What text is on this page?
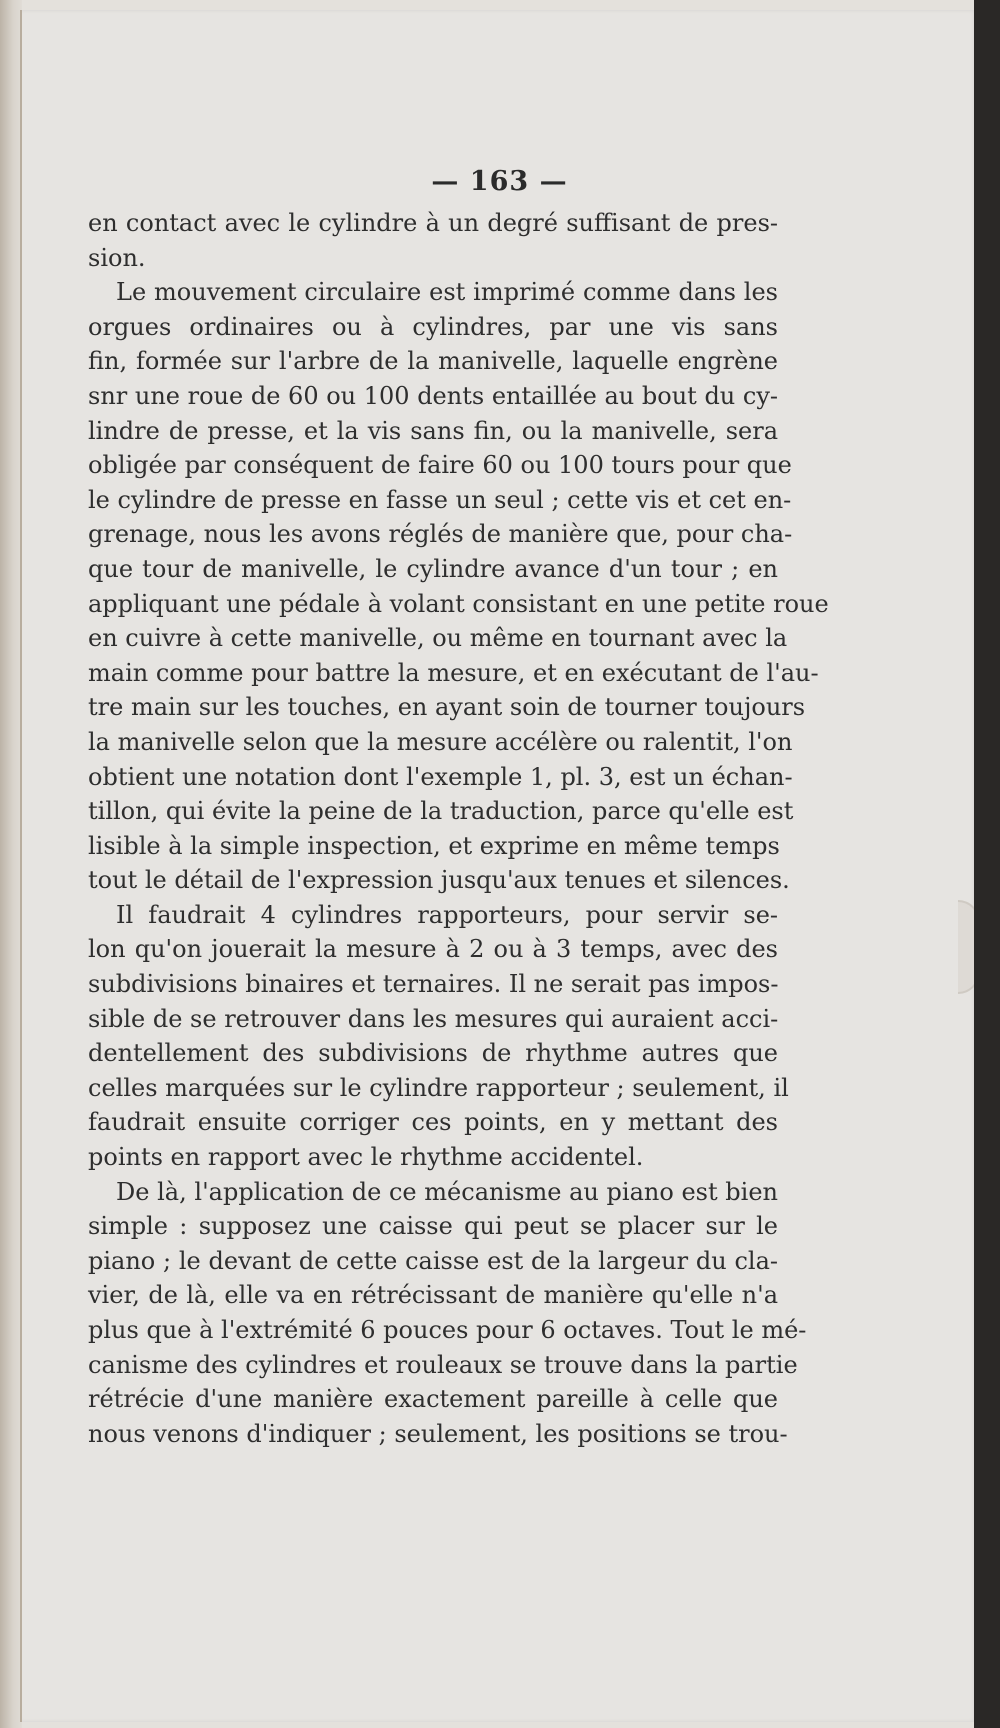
— 163 —
en contact avec le cylindre à un degré suffisant de pres-
sion.
Le mouvement circulaire est imprimé comme dans les
orgues ordinaires ou à cylindres, par une vis sans
fin, formée sur l'arbre de la manivelle, laquelle engrène
snr une roue de 60 ou 100 dents entaillée au bout du cy-
lindre de presse, et la vis sans fin, ou la manivelle, sera
obligée par conséquent de faire 60 ou 100 tours pour que
le cylindre de presse en fasse un seul ; cette vis et cet en-
grenage, nous les avons réglés de manière que, pour cha-
que tour de manivelle, le cylindre avance d'un tour ; en
appliquant une pédale à volant consistant en une petite roue
en cuivre à cette manivelle, ou même en tournant avec la
main comme pour battre la mesure, et en exécutant de l'au-
tre main sur les touches, en ayant soin de tourner toujours
la manivelle selon que la mesure accélère ou ralentit, l'on
obtient une notation dont l'exemple 1, pl. 3, est un échan-
tillon, qui évite la peine de la traduction, parce qu'elle est
lisible à la simple inspection, et exprime en même temps
tout le détail de l'expression jusqu'aux tenues et silences.
Il faudrait 4 cylindres rapporteurs, pour servir se-
lon qu'on jouerait la mesure à 2 ou à 3 temps, avec des
subdivisions binaires et ternaires. Il ne serait pas impos-
sible de se retrouver dans les mesures qui auraient acci-
dentellement des subdivisions de rhythme autres que
celles marquées sur le cylindre rapporteur ; seulement, il
faudrait ensuite corriger ces points, en y mettant des
points en rapport avec le rhythme accidentel.
De là, l'application de ce mécanisme au piano est bien
simple : supposez une caisse qui peut se placer sur le
piano ; le devant de cette caisse est de la largeur du cla-
vier, de là, elle va en rétrécissant de manière qu'elle n'a
plus que à l'extrémité 6 pouces pour 6 octaves. Tout le mé-
canisme des cylindres et rouleaux se trouve dans la partie
rétrécie d'une manière exactement pareille à celle que
nous venons d'indiquer ; seulement, les positions se trou-
